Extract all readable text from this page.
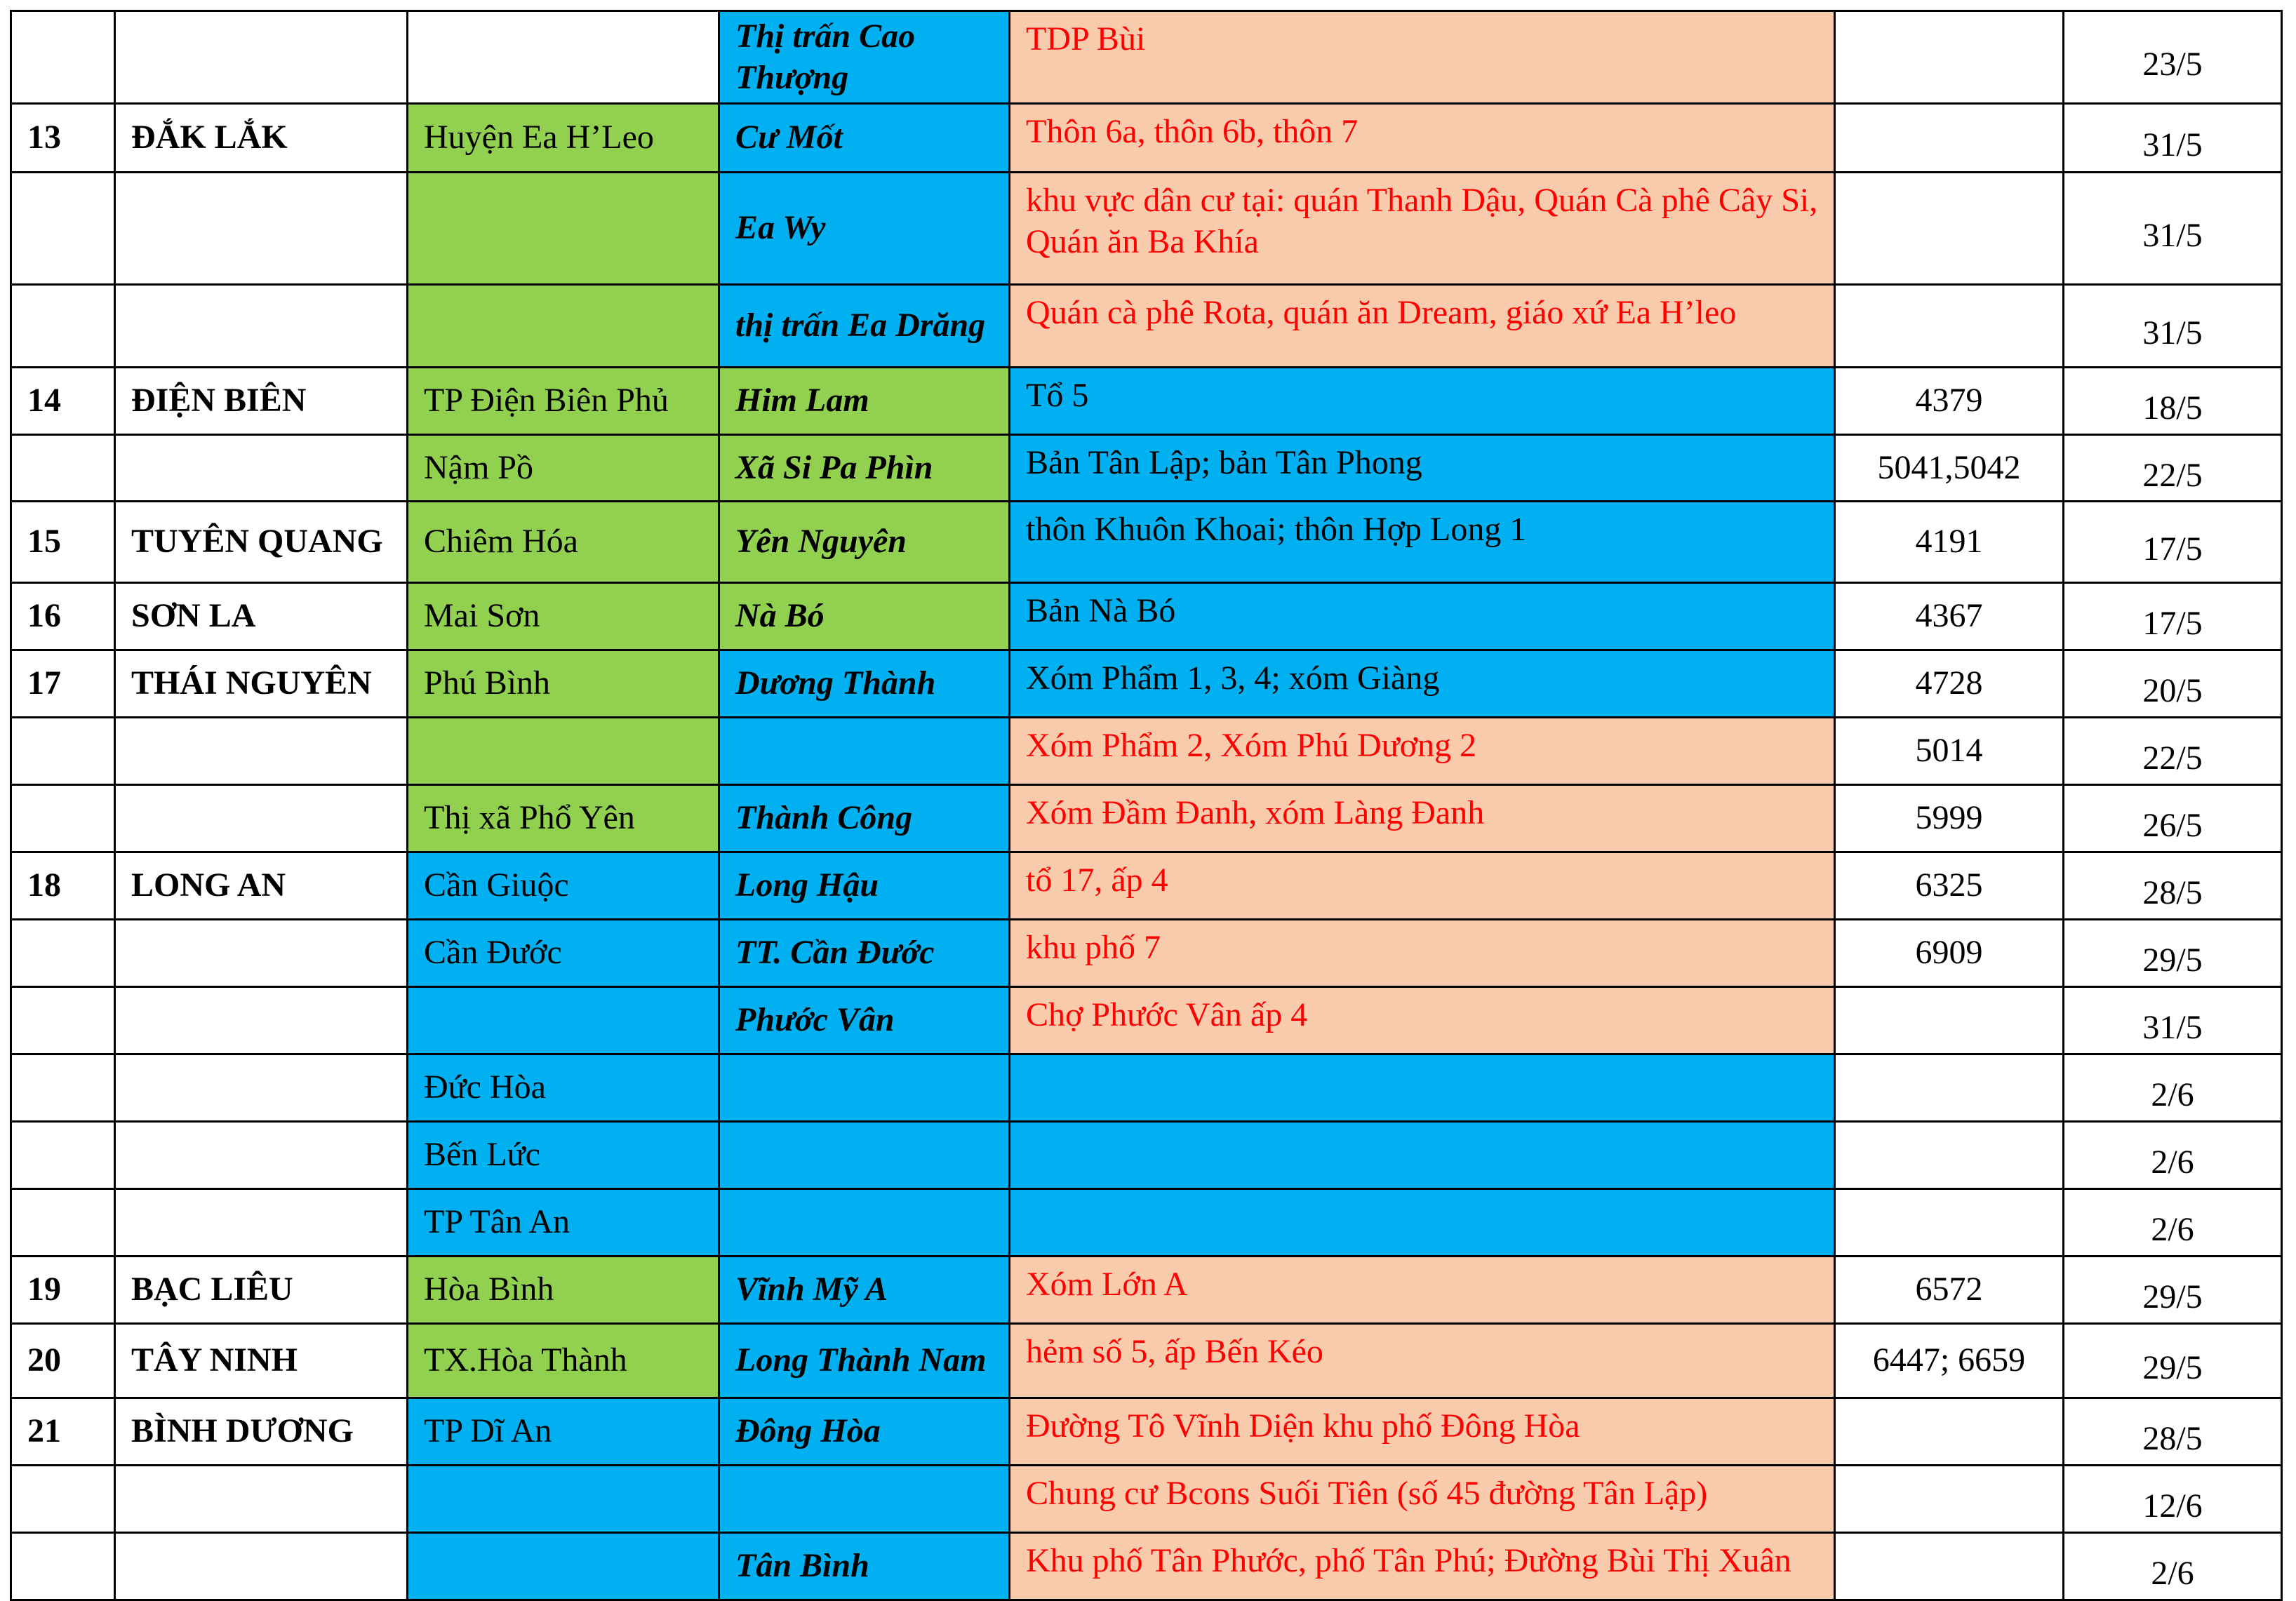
			Thị trấn Cao Thượng	TDP Bùi		23/5
13	ĐẮK LẮK	Huyện Ea H’Leo	Cư Mốt	Thôn 6a, thôn 6b, thôn 7		31/5
			Ea Wy	khu vực dân cư tại: quán Thanh Dậu, Quán Cà phê Cây Si, Quán ăn Ba Khía		31/5
			thị trấn Ea Drăng	Quán cà phê Rota, quán ăn Dream, giáo xứ Ea H’leo		31/5
14	ĐIỆN BIÊN	TP Điện Biên Phủ	Him Lam	Tổ 5	4379	18/5
		Nậm Pồ	Xã Si Pa Phìn	Bản Tân Lập; bản Tân Phong	5041,5042	22/5
15	TUYÊN QUANG	Chiêm Hóa	Yên Nguyên	thôn Khuôn Khoai; thôn Hợp Long 1	4191	17/5
16	SƠN LA	Mai Sơn	Nà Bó	Bản Nà Bó	4367	17/5
17	THÁI NGUYÊN	Phú Bình	Dương Thành	Xóm Phẩm 1, 3, 4; xóm Giàng	4728	20/5
				Xóm Phẩm 2, Xóm Phú Dương 2	5014	22/5
		Thị xã Phổ Yên	Thành Công	Xóm Đầm Đanh, xóm Làng Đanh	5999	26/5
18	LONG AN	Cần Giuộc	Long Hậu	tổ 17, ấp 4	6325	28/5
		Cần Đước	TT. Cần Đước	khu phố 7	6909	29/5
			Phước Vân	Chợ Phước Vân ấp 4		31/5
		Đức Hòa				2/6
		Bến Lức				2/6
		TP Tân An				2/6
19	BẠC LIÊU	Hòa Bình	Vĩnh Mỹ A	Xóm Lớn A	6572	29/5
20	TÂY NINH	TX.Hòa Thành	Long Thành Nam	hẻm số 5, ấp Bến Kéo	6447; 6659	29/5
21	BÌNH DƯƠNG	TP Dĩ An	Đông Hòa	Đường Tô Vĩnh Diện khu phố Đông Hòa		28/5
				Chung cư Bcons Suối Tiên (số 45 đường Tân Lập)		12/6
			Tân Bình	Khu phố Tân Phước, phố Tân Phú; Đường Bùi Thị Xuân		2/6
